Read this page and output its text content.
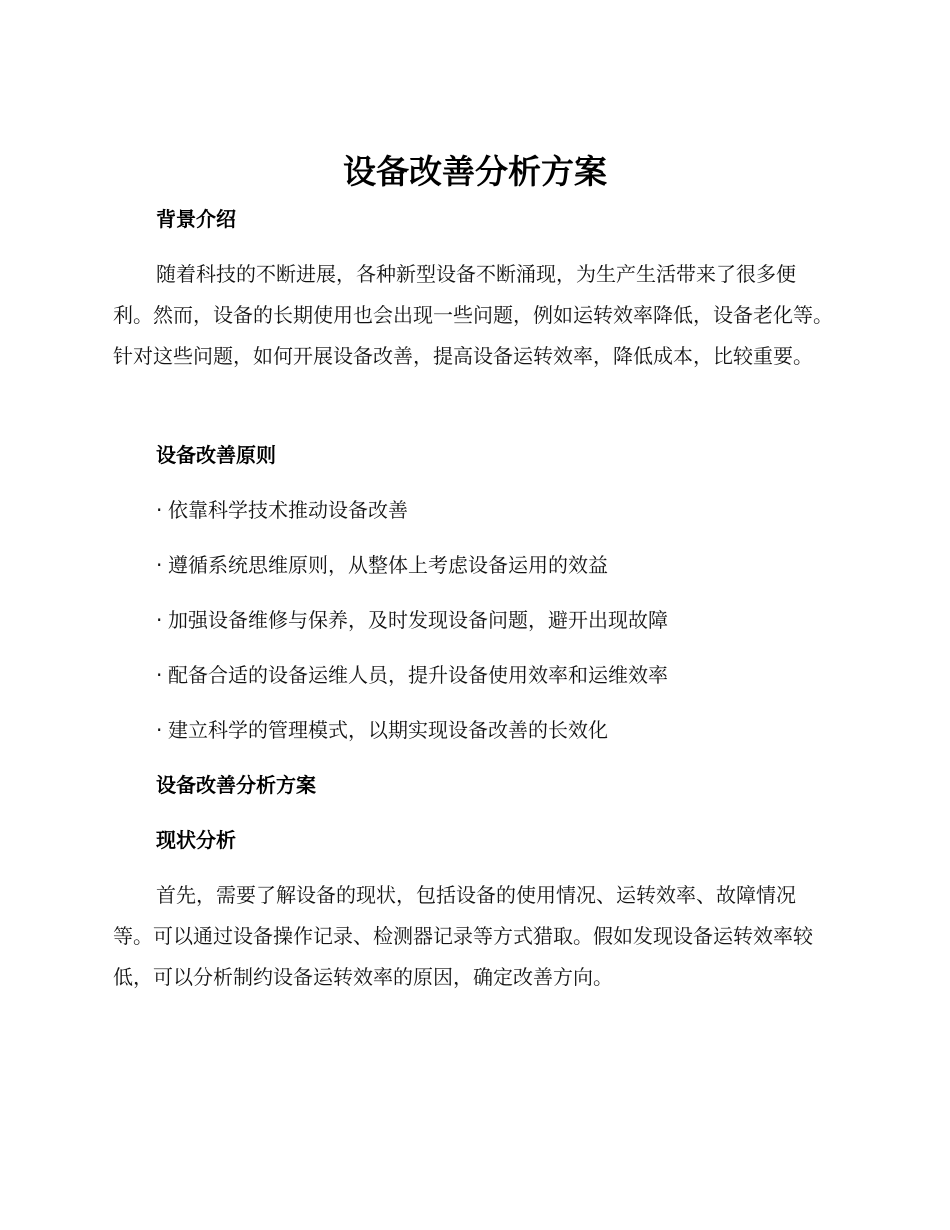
设备改善分析方案
背景介绍

随着科技的不断进展，各种新型设备不断涌现，为生产生活带来了很多便利。然而，设备的长期使用也会出现一些问题，例如运转效率降低，设备老化等。针对这些问题，如何开展设备改善，提高设备运转效率，降低成本，比较重要。

设备改善原则
· 依靠科学技术推动设备改善
· 遵循系统思维原则，从整体上考虑设备运用的效益
· 加强设备维修与保养，及时发现设备问题，避开出现故障
· 配备合适的设备运维人员，提升设备使用效率和运维效率
· 建立科学的管理模式，以期实现设备改善的长效化
设备改善分析方案
现状分析

首先，需要了解设备的现状，包括设备的使用情况、运转效率、故障情况等。可以通过设备操作记录、检测器记录等方式猎取。假如发现设备运转效率较低，可以分析制约设备运转效率的原因，确定改善方向。
